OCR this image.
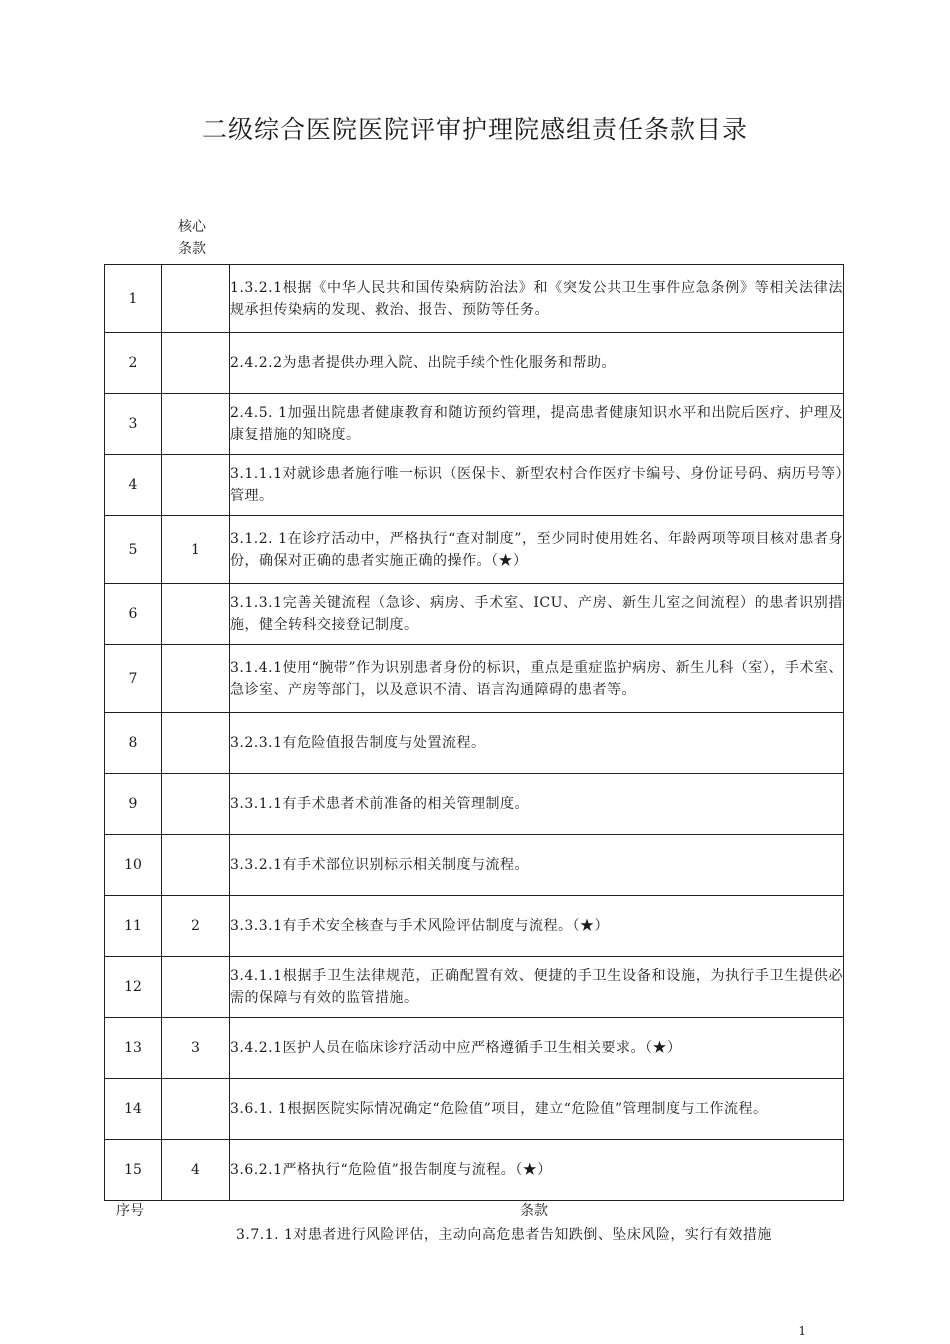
二级综合医院医院评审护理院感组责任条款目录
核心
条款
1		1.3.2.1根据《中华人民共和国传染病防治法》和《突发公共卫生事件应急条例》等相关法律法规承担传染病的发现、救治、报告、预防等任务。
2		2.4.2.2为患者提供办理入院、出院手续个性化服务和帮助。
3		2.4.5. 1加强出院患者健康教育和随访预约管理，提高患者健康知识水平和出院后医疗、护理及康复措施的知晓度。
4		3.1.1.1对就诊患者施行唯一标识（医保卡、新型农村合作医疗卡编号、身份证号码、病历号等）管理。
5	1	3.1.2. 1在诊疗活动中，严格执行“查对制度”，至少同时使用姓名、年龄两项等项目核对患者身份，确保对正确的患者实施正确的操作。（★）
6		3.1.3.1完善关键流程（急诊、病房、手术室、ICU、产房、新生儿室之间流程）的患者识别措施，健全转科交接登记制度。
7		3.1.4.1使用“腕带”作为识别患者身份的标识，重点是重症监护病房、新生儿科（室），手术室、急诊室、产房等部门，以及意识不清、语言沟通障碍的患者等。
8		3.2.3.1有危险值报告制度与处置流程。
9		3.3.1.1有手术患者术前准备的相关管理制度。
10		3.3.2.1有手术部位识别标示相关制度与流程。
11	2	3.3.3.1有手术安全核查与手术风险评估制度与流程。（★）
12		3.4.1.1根据手卫生法律规范，正确配置有效、便捷的手卫生设备和设施，为执行手卫生提供必需的保障与有效的监管措施。
13	3	3.4.2.1医护人员在临床诊疗活动中应严格遵循手卫生相关要求。（★）
14		3.6.1. 1根据医院实际情况确定“危险值”项目，建立“危险值”管理制度与工作流程。
15	4	3.6.2.1严格执行“危险值”报告制度与流程。（★）
序号	条款
3.7.1. 1对患者进行风险评估，主动向高危患者告知跌倒、坠床风险，实行有效措施
1
